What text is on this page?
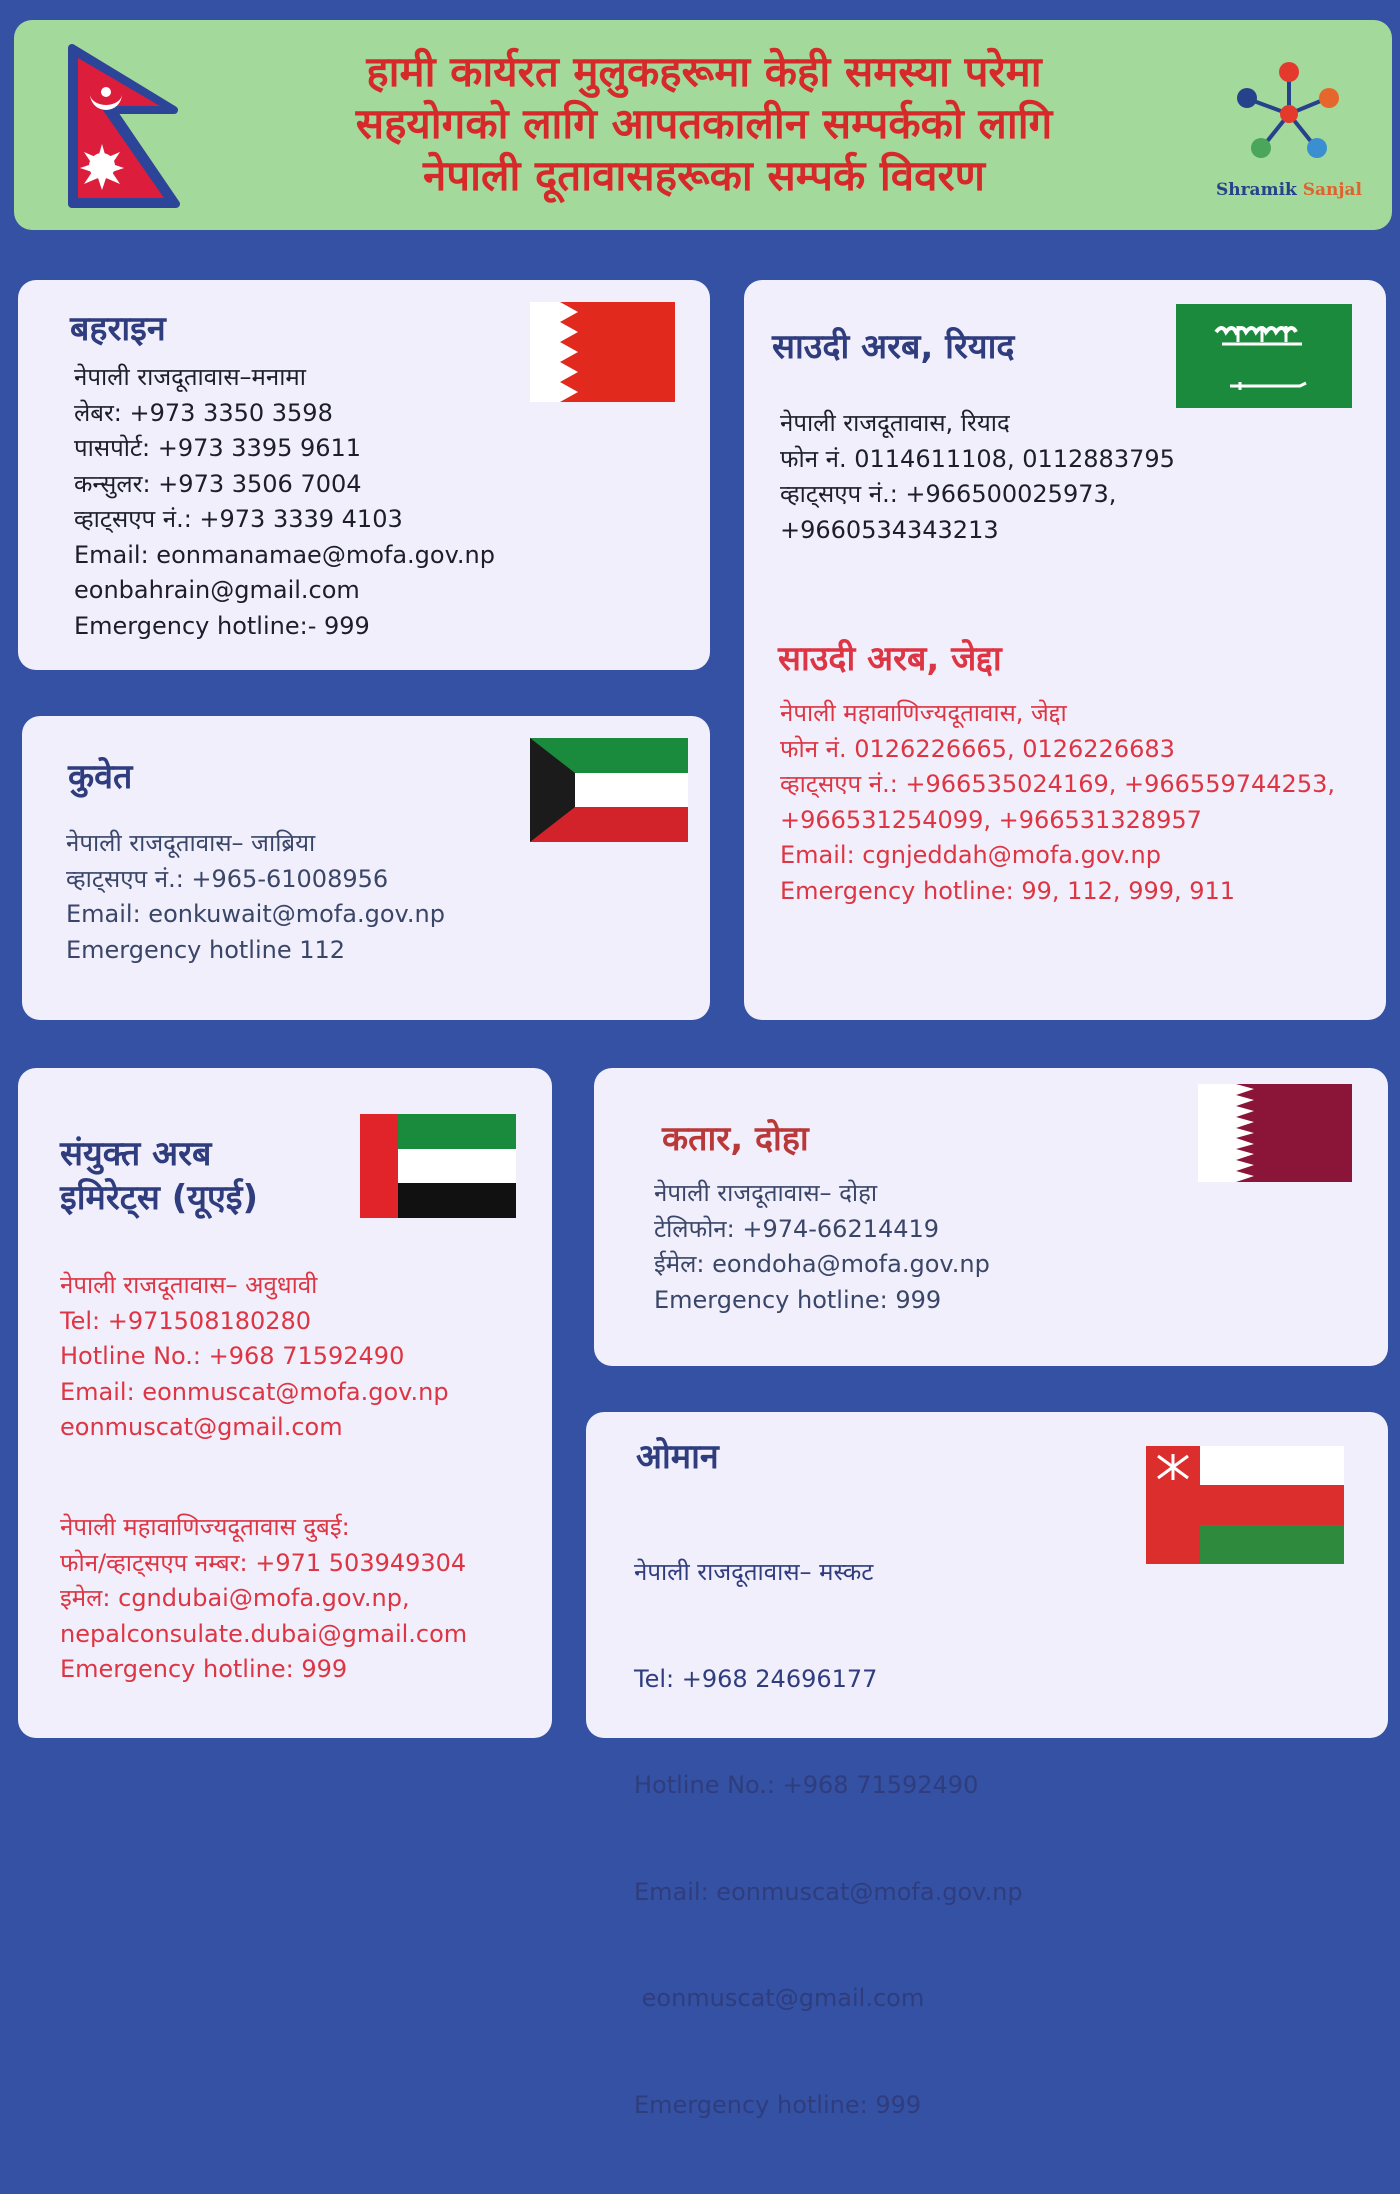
हामी कार्यरत मुलुकहरूमा केही समस्या परेमा
सहयोगको लागि आपतकालीन सम्पर्कको लागि
नेपाली दूतावासहरूका सम्पर्क विवरण	Shramik Sanjal
बहराइन
नेपाली राजदूतावास–मनामा
लेबर: +973 3350 3598
पासपोर्ट: +973 3395 9611
कन्सुलर: +973 3506 7004
व्हाट्सएप नं.: +973 3339 4103
Email: eonmanamae@mofa.gov.np
eonbahrain@gmail.com
Emergency hotline:- 999
कुवेत
नेपाली राजदूतावास– जाब्रिया
व्हाट्सएप नं.: +965-61008956
Email: eonkuwait@mofa.gov.np
Emergency hotline 112
साउदी अरब, रियाद
नेपाली राजदूतावास, रियाद
फोन नं. 0114611108, 0112883795
व्हाट्सएप नं.: +966500025973,
+9660534343213
साउदी अरब, जेद्दा
नेपाली महावाणिज्यदूतावास, जेद्दा
फोन नं. 0126226665, 0126226683
व्हाट्सएप नं.: +966535024169, +966559744253,
+966531254099, +966531328957
Email: cgnjeddah@mofa.gov.np
Emergency hotline: 99, 112, 999, 911
संयुक्त अरब
इमिरेट्स (यूएई)
नेपाली राजदूतावास– अवुधावी
Tel: +971508180280
Hotline No.: +968 71592490
Email: eonmuscat@mofa.gov.np
eonmuscat@gmail.com
नेपाली महावाणिज्यदूतावास दुबई:
फोन/व्हाट्सएप नम्बर: +971 503949304
इमेल: cgndubai@mofa.gov.np,
nepalconsulate.dubai@gmail.com
Emergency hotline: 999
कतार, दोहा
नेपाली राजदूतावास– दोहा
टेलिफोन: +974-66214419
ईमेल: eondoha@mofa.gov.np
Emergency hotline: 999
ओमान

नेपाली राजदूतावास– मस्कट

Tel: +968 24696177

Hotline No.: +968 71592490

Email: eonmuscat@mofa.gov.np

eonmuscat@gmail.com

Emergency hotline: 999
